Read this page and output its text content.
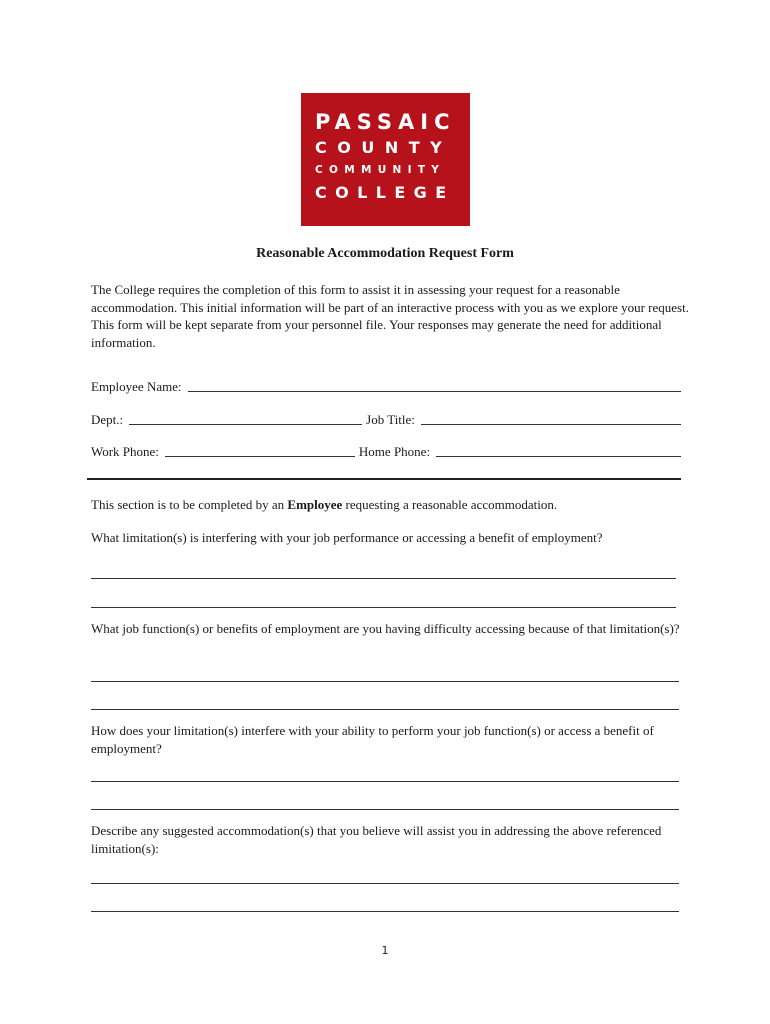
PASSAIC
COUNTY
COMMUNITY
COLLEGE
Reasonable Accommodation Request Form
The College requires the completion of this form to assist it in assessing your request for a reasonable accommodation. This initial information will be part of an interactive process with you as we explore your request. This form will be kept separate from your personnel file. Your responses may generate the need for additional information.
Employee Name:
Dept.:	Job Title:
Work Phone:	Home Phone:
This section is to be completed by an Employee requesting a reasonable accommodation.
What limitation(s) is interfering with your job performance or accessing a benefit of employment?
What job function(s) or benefits of employment are you having difficulty accessing because of that limitation(s)?
How does your limitation(s) interfere with your ability to perform your job function(s) or access a benefit of employment?
Describe any suggested accommodation(s) that you believe will assist you in addressing the above referenced limitation(s):
1
